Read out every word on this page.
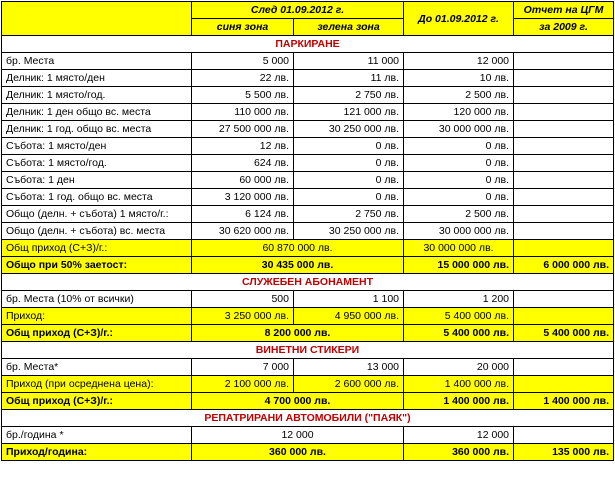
	След 01.09.2012 г.		До 01.09.2012 г.	Отчет на ЦГМ
	синя зона	зелена зона		за 2009 г.
ПАРКИРАНЕ				
бр. Места	5 000	11 000	12 000	
Делник: 1 място/ден	22 лв.	11 лв.	10 лв.	
Делник: 1 място/год.	5 500 лв.	2 750 лв.	2 500 лв.	
Делник: 1 ден общо вс. места	110 000 лв.	121 000 лв.	120 000 лв.	
Делник: 1 год. общо вс. места	27 500 000 лв.	30 250 000 лв.	30 000 000 лв.	
Събота: 1 място/ден	12 лв.	0 лв.	0 лв.	
Събота: 1 място/год.	624 лв.	0 лв.	0 лв.	
Събота: 1 ден	60 000 лв.	0 лв.	0 лв.	
Събота: 1 год. общо вс. места	3 120 000 лв.	0 лв.	0 лв.	
Общо (делн. + събота) 1 място/г.:	6 124 лв.	2 750 лв.	2 500 лв.	
Общо (делн. + събота) вс. места	30 620 000 лв.	30 250 000 лв.	30 000 000 лв.	
Общ приход (С+З)/г.:	60 870 000 лв.		30 000 000 лв.	
Общо при 50% заетост:	30 435 000 лв.		15 000 000 лв.	6 000 000 лв.
СЛУЖЕБЕН АБОНАМЕНТ				
бр. Места (10% от всички)	500	1 100	1 200	
Приход:	3 250 000 лв.	4 950 000 лв.	5 400 000 лв.	
Общ приход (С+З)/г.:	8 200 000 лв.		5 400 000 лв.	5 400 000 лв.
ВИНЕТНИ СТИКЕРИ				
бр. Места*	7 000	13 000	20 000	
Приход (при осреднена цена):	2 100 000 лв.	2 600 000 лв.	1 400 000 лв.	
Общ приход (С+З)/г.:	4 700 000 лв.		1 400 000 лв.	1 400 000 лв.
РЕПАТРИРАНИ АВТОМОБИЛИ ("ПАЯК")				
бр./година *	12 000		12 000	
Приход/година:	360 000 лв.		360 000 лв.	135 000 лв.
